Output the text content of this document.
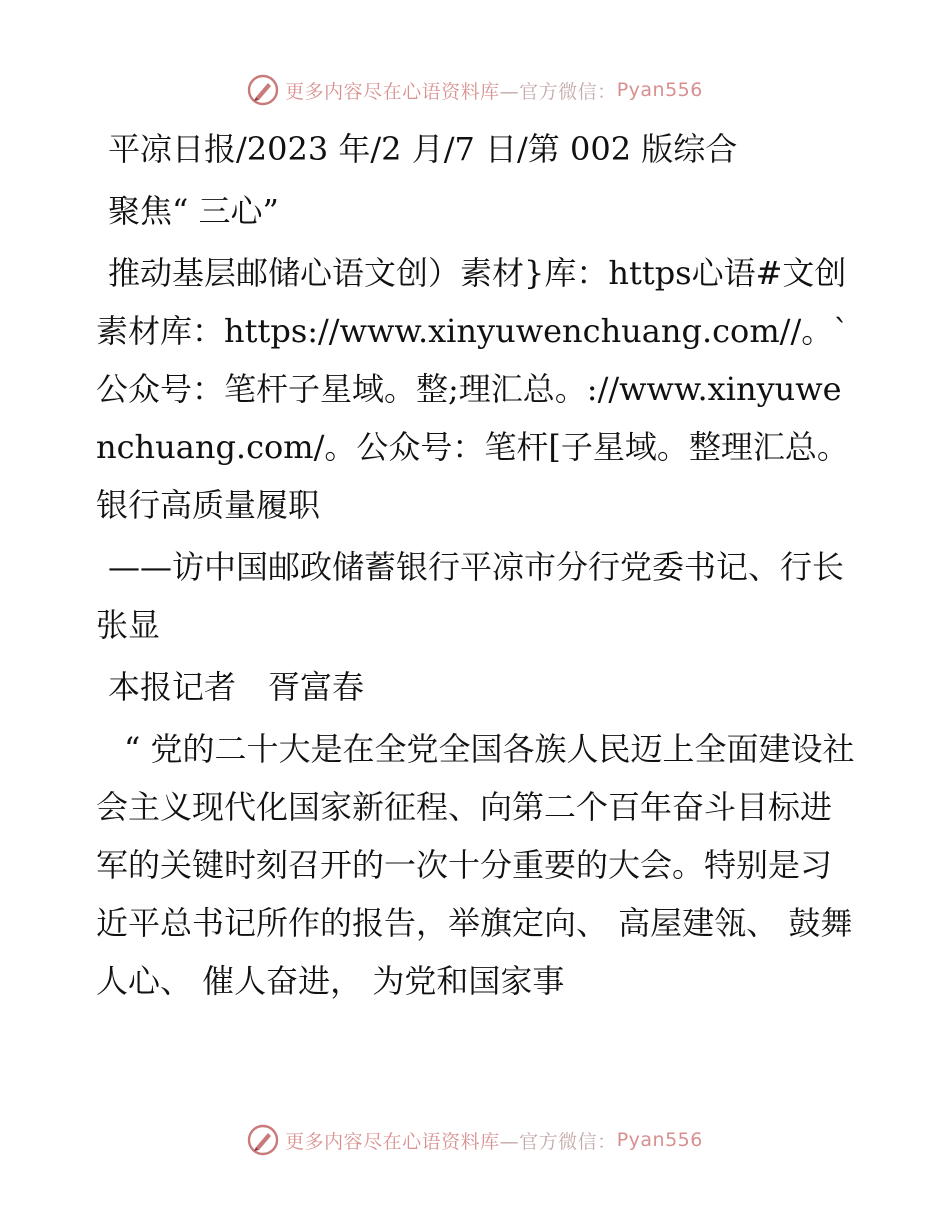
更多内容尽在心语资料库 —官方微信： Pyan556

平凉日报/2023 年/2 月/7 日/第 002 版综合

聚焦“ 三心”

推动基层邮储心语文创）素材}库：https心语#文创素材库：https://www.xinyuwenchuang.com//。`公众号：笔杆子星域。整;理汇总。://www.xinyuwenchuang.com/。公众号：笔杆[子星域。整理汇总。银行高质量履职

——访中国邮政储蓄银行平凉市分行党委书记、行长　张显

本报记者　胥富春

“ 党的二十大是在全党全国各族人民迈上全面建设社会主义现代化国家新征程、向第二个百年奋斗目标进军的关键时刻召开的一次十分重要的大会。特别是习近平总书记所作的报告，举旗定向、 高屋建瓴、 鼓舞人心、 催人奋进， 为党和国家事

更多内容尽在心语资料库 —官方微信： Pyan556
